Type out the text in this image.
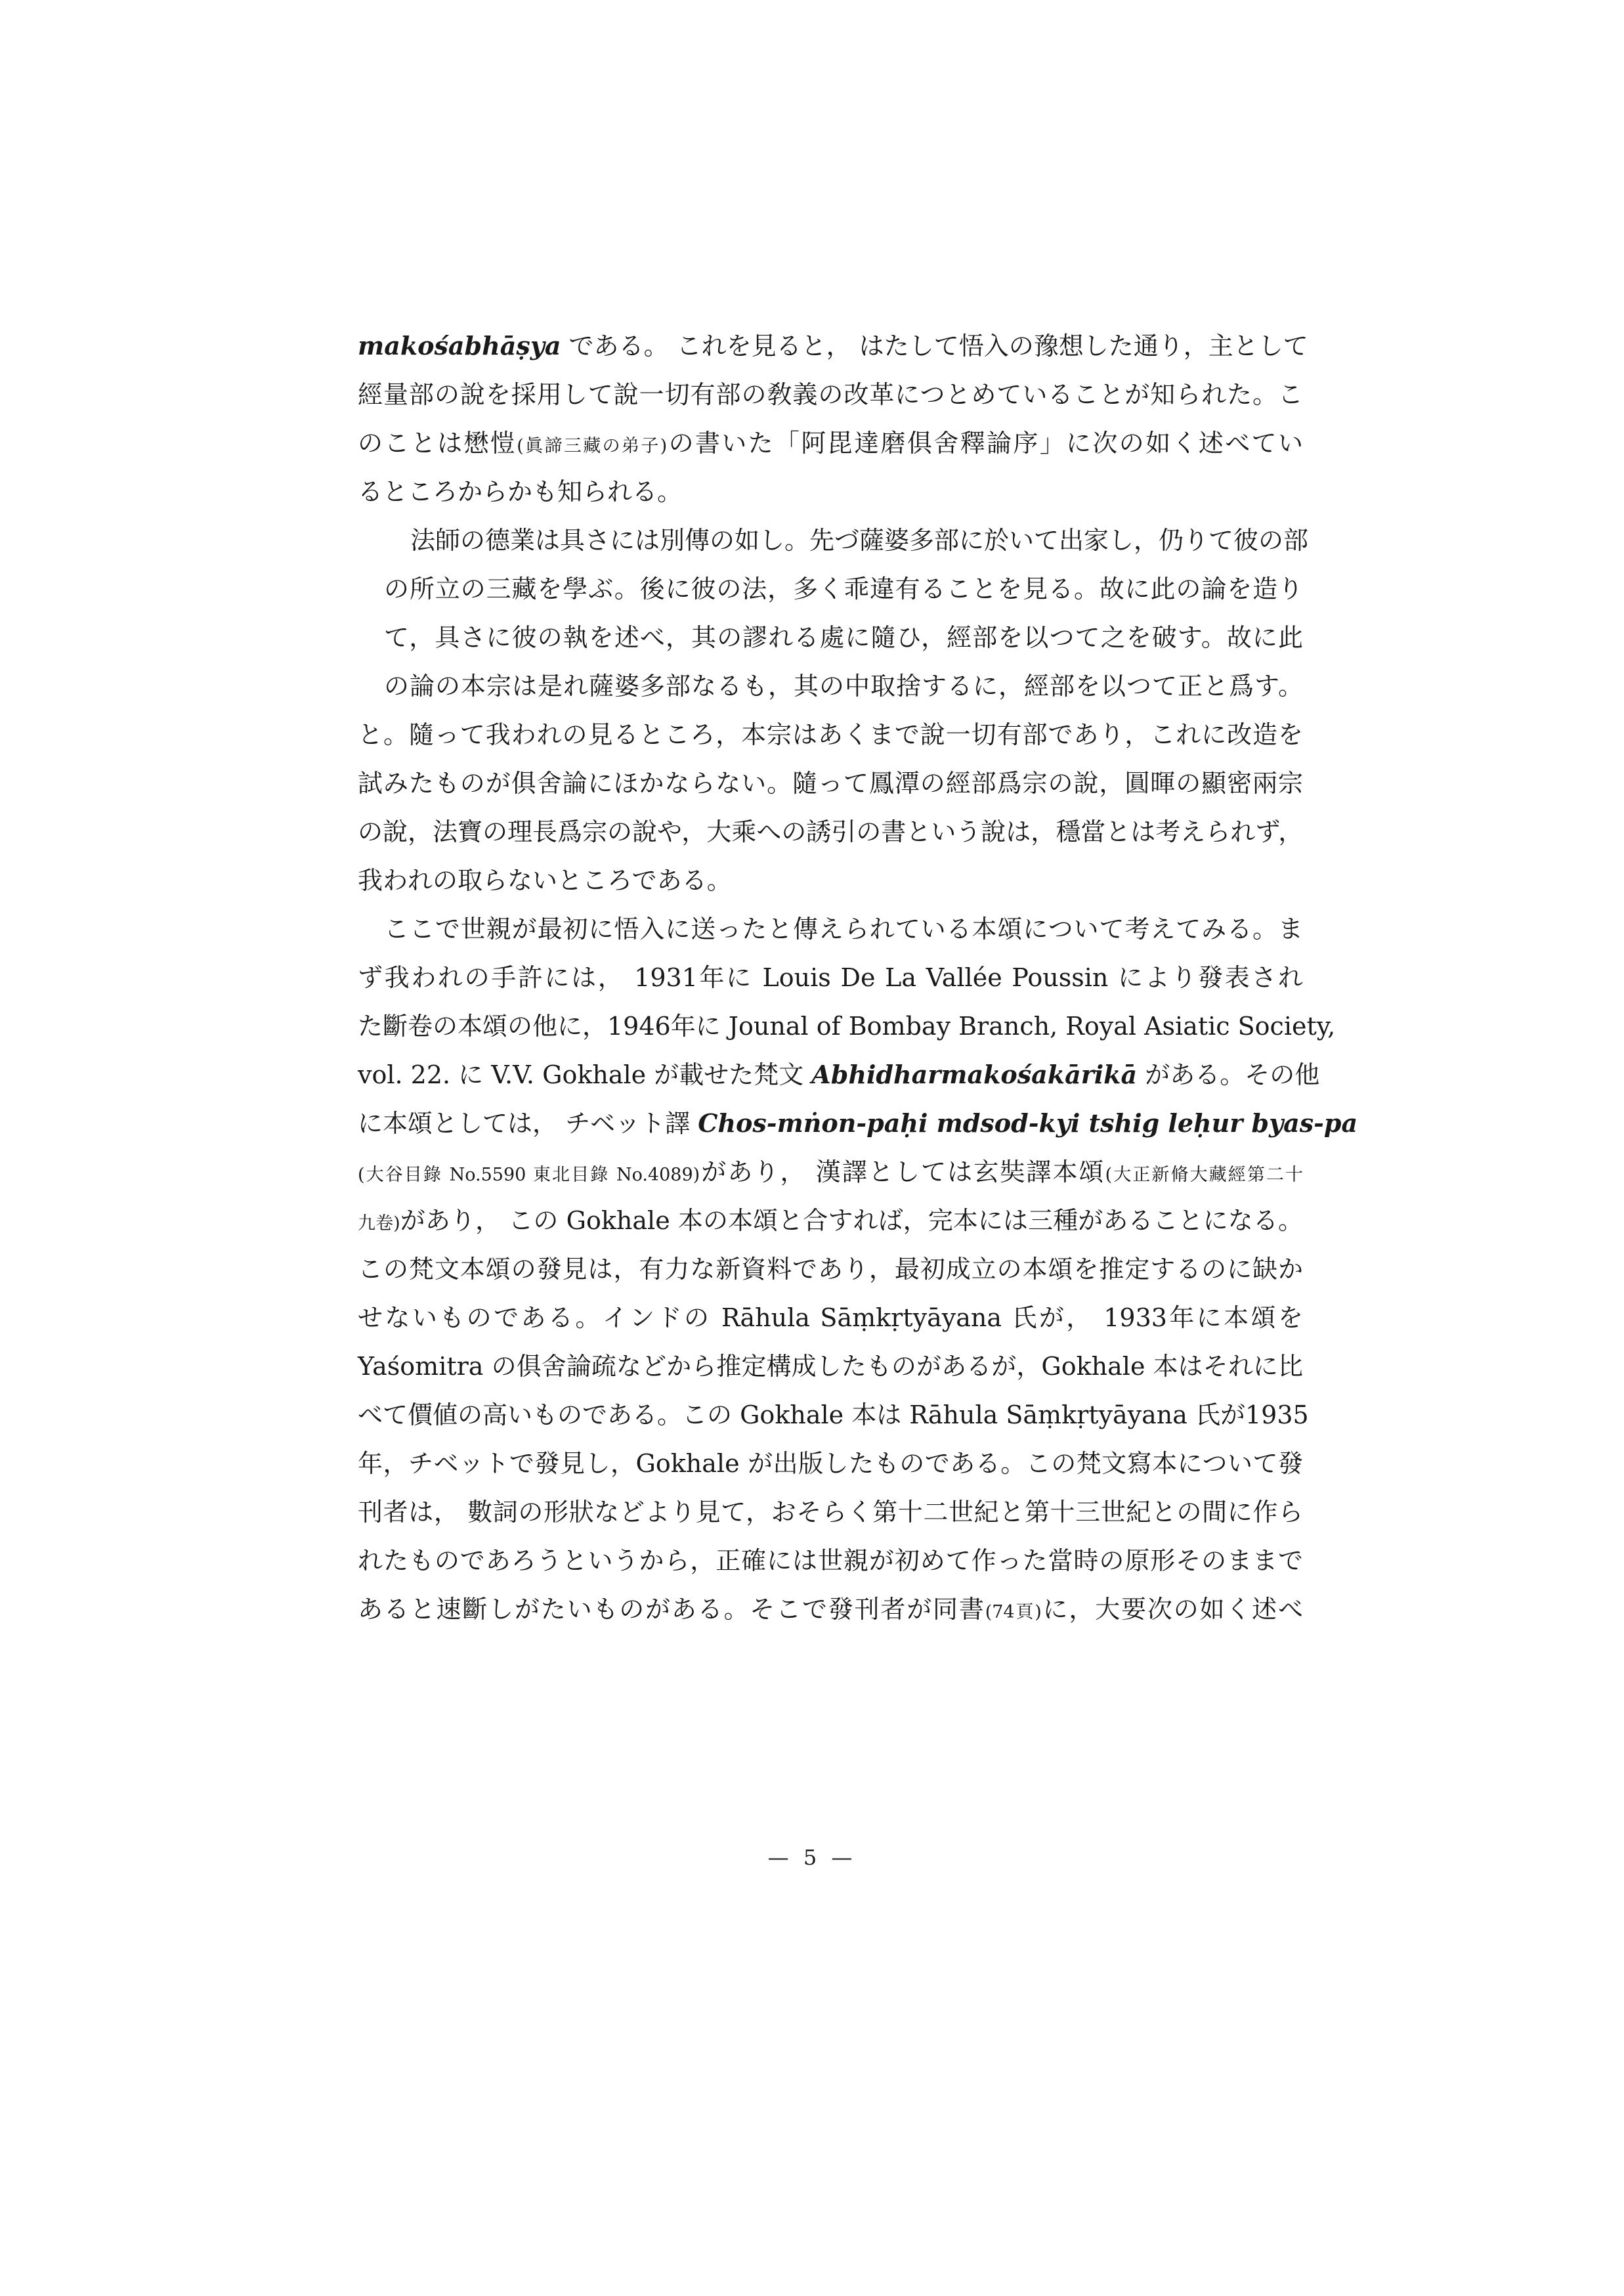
makośabhāṣya である。 これを見ると， はたして悟入の豫想した通り，主として
經量部の說を採用して說一切有部の敎義の改革につとめていることが知られた。こ
のことは懋愷(眞諦三藏の弟子)の書いた「阿毘達磨俱舍釋論序」に次の如く述べてい
るところからかも知られる。
法師の德業は具さには別傳の如し。先づ薩婆多部に於いて出家し，仍りて彼の部
の所立の三藏を學ぶ。後に彼の法，多く乖違有ることを見る。故に此の論を造り
て，具さに彼の執を述べ，其の謬れる處に隨ひ，經部を以つて之を破す。故に此
の論の本宗は是れ薩婆多部なるも，其の中取捨するに，經部を以つて正と爲す。
と。隨って我われの見るところ，本宗はあくまで說一切有部であり，これに改造を
試みたものが俱舍論にほかならない。隨って鳳潭の經部爲宗の說，圓暉の顯密兩宗
の說，法寶の理長爲宗の說や，大乘への誘引の書という說は，穩當とは考えられず，
我われの取らないところである。
ここで世親が最初に悟入に送ったと傳えられている本頌について考えてみる。ま
ず我われの手許には， 1931年に Louis De La Vallée Poussin により發表され
た斷卷の本頌の他に，1946年に Jounal of Bombay Branch, Royal Asiatic Society,
vol. 22. に V.V. Gokhale が載せた梵文 Abhidharmakośakārikā がある。その他
に本頌としては， チベット譯 Chos-mṅon-paḥi mdsod-kyi tshig leḥur byas-pa
(大谷目錄 No.5590 東北目錄 No.4089)があり， 漢譯としては玄奘譯本頌(大正新脩大藏經第二十
九卷)があり， この Gokhale 本の本頌と合すれば，完本には三種があることになる。
この梵文本頌の發見は，有力な新資料であり，最初成立の本頌を推定するのに缺か
せないものである。インドの Rāhula Sāṃkṛtyāyana 氏が， 1933年に本頌を
Yaśomitra の俱舍論疏などから推定構成したものがあるが，Gokhale 本はそれに比
べて價値の高いものである。この Gokhale 本は Rāhula Sāṃkṛtyāyana 氏が1935
年，チベットで發見し，Gokhale が出版したものである。この梵文寫本について發
刊者は， 數詞の形狀などより見て，おそらく第十二世紀と第十三世紀との間に作ら
れたものであろうというから，正確には世親が初めて作った當時の原形そのままで
あると速斷しがたいものがある。そこで發刊者が同書(74頁)に，大要次の如く述べ
— 5 —
